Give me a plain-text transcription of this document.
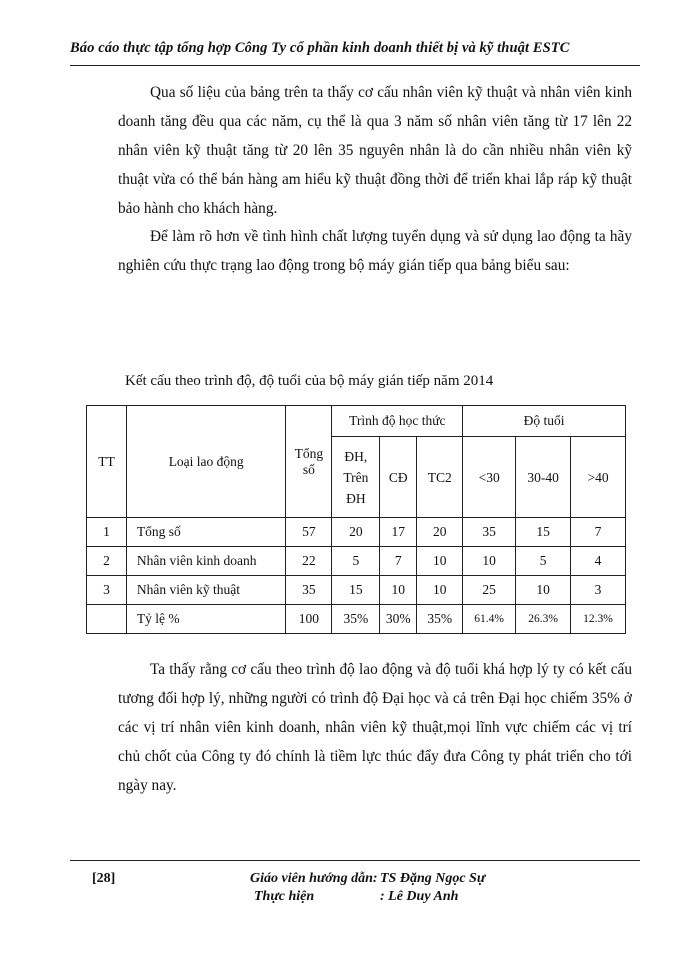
Báo cáo thực tập tổng hợp Công Ty cổ phần kinh doanh thiết bị và kỹ thuật ESTC

Qua số liệu của bảng trên ta thấy cơ cấu nhân viên kỹ thuật và nhân viên kinh doanh tăng đều qua các năm, cụ thể là qua 3 năm số nhân viên tăng từ 17 lên 22 nhân viên kỹ thuật tăng từ 20 lên 35 nguyên nhân là do cần nhiều nhân viên kỹ thuật vừa có thể bán hàng am hiểu kỹ thuật đồng thời để triển khai lắp ráp kỹ thuật bảo hành cho khách hàng.

Để làm rõ hơn về tình hình chất lượng tuyển dụng và sử dụng lao động ta hãy nghiên cứu thực trạng lao động trong bộ máy gián tiếp qua bảng biểu sau:

Kết cấu theo trình độ, độ tuổi của bộ máy gián tiếp năm 2014
TT	Loại lao động	Tổng số	Trình độ học thức			Độ tuổi		
			ĐH, Trên ĐH	CĐ	TC2	<30	30-40	>40
1	Tổng số	57	20	17	20	35	15	7
2	Nhân viên kinh doanh	22	5	7	10	10	5	4
3	Nhân viên kỹ thuật	35	15	10	10	25	10	3
	Tỷ lệ %	100	35%	30%	35%	61.4%	26.3%	12.3%

Ta thấy rằng cơ cấu theo trình độ lao động và độ tuổi khá hợp lý ty có kết cấu tương đối hợp lý, những người có trình độ Đại học và cả trên Đại học chiếm 35% ở các vị trí nhân viên kinh doanh, nhân viên kỹ thuật,mọi lĩnh vực chiếm các vị trí chủ chốt của Công ty đó chính là tiềm lực thúc đẩy đưa Công ty phát triển cho tới ngày nay.

[28]	Giáo viên hướng dẫn: TS Đặng Ngọc Sự
Thực hiện	: Lê Duy Anh
